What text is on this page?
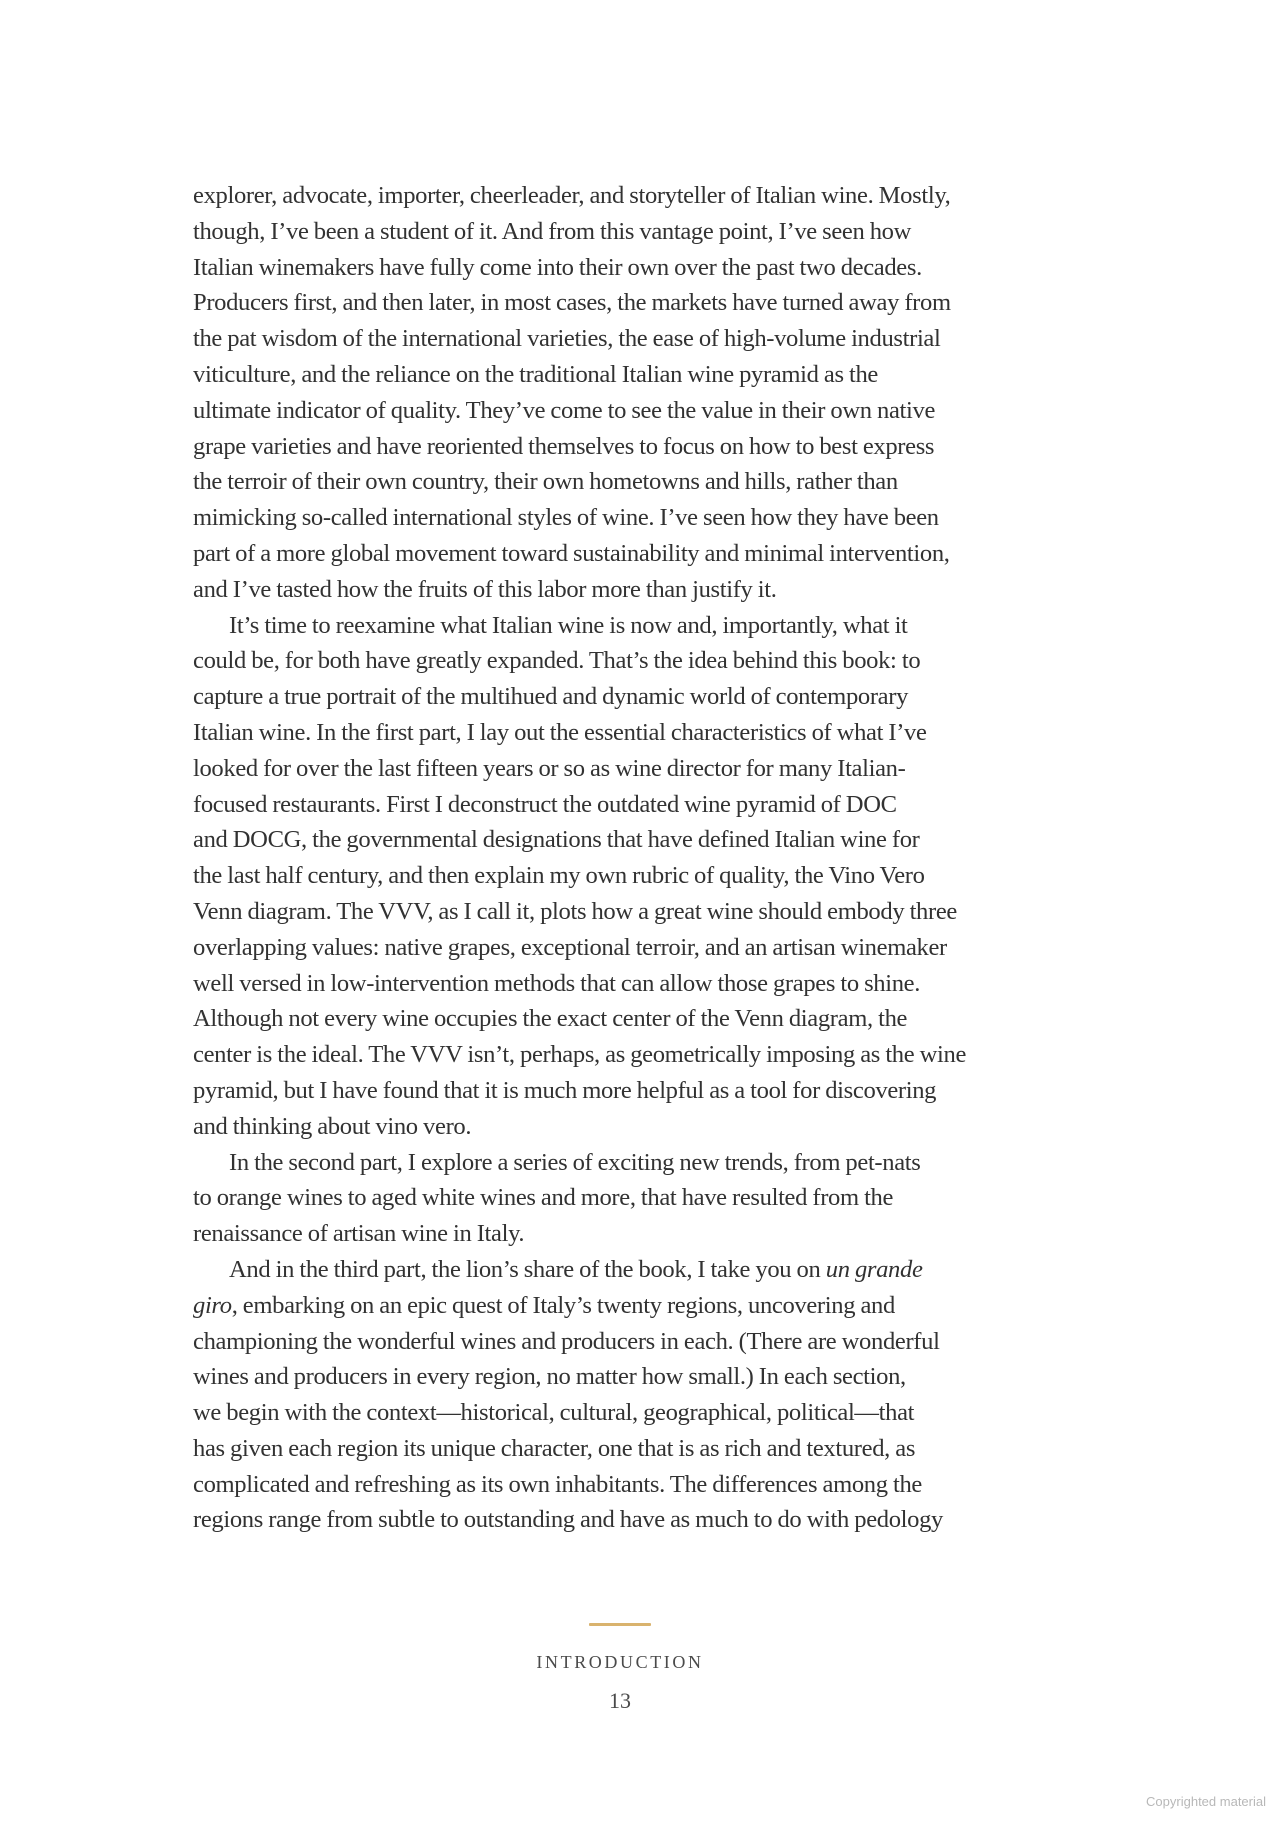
explorer, advocate, importer, cheerleader, and storyteller of Italian wine. Mostly,
though, I’ve been a student of it. And from this vantage point, I’ve seen how
Italian winemakers have fully come into their own over the past two decades.
Producers first, and then later, in most cases, the markets have turned away from
the pat wisdom of the international varieties, the ease of high-volume industrial
viticulture, and the reliance on the traditional Italian wine pyramid as the
ultimate indicator of quality. They’ve come to see the value in their own native
grape varieties and have reoriented themselves to focus on how to best express
the terroir of their own country, their own hometowns and hills, rather than
mimicking so-called international styles of wine. I’ve seen how they have been
part of a more global movement toward sustainability and minimal intervention,
and I’ve tasted how the fruits of this labor more than justify it.
It’s time to reexamine what Italian wine is now and, importantly, what it
could be, for both have greatly expanded. That’s the idea behind this book: to
capture a true portrait of the multihued and dynamic world of contemporary
Italian wine. In the first part, I lay out the essential characteristics of what I’ve
looked for over the last fifteen years or so as wine director for many Italian-
focused restaurants. First I deconstruct the outdated wine pyramid of DOC
and DOCG, the governmental designations that have defined Italian wine for
the last half century, and then explain my own rubric of quality, the Vino Vero
Venn diagram. The VVV, as I call it, plots how a great wine should embody three
overlapping values: native grapes, exceptional terroir, and an artisan winemaker
well versed in low-intervention methods that can allow those grapes to shine.
Although not every wine occupies the exact center of the Venn diagram, the
center is the ideal. The VVV isn’t, perhaps, as geometrically imposing as the wine
pyramid, but I have found that it is much more helpful as a tool for discovering
and thinking about vino vero.
In the second part, I explore a series of exciting new trends, from pet-nats
to orange wines to aged white wines and more, that have resulted from the
renaissance of artisan wine in Italy.
And in the third part, the lion’s share of the book, I take you on un grande
giro, embarking on an epic quest of Italy’s twenty regions, uncovering and
championing the wonderful wines and producers in each. (There are wonderful
wines and producers in every region, no matter how small.) In each section,
we begin with the context—historical, cultural, geographical, political—that
has given each region its unique character, one that is as rich and textured, as
complicated and refreshing as its own inhabitants. The differences among the
regions range from subtle to outstanding and have as much to do with pedology
INTRODUCTION
13
Copyrighted material
